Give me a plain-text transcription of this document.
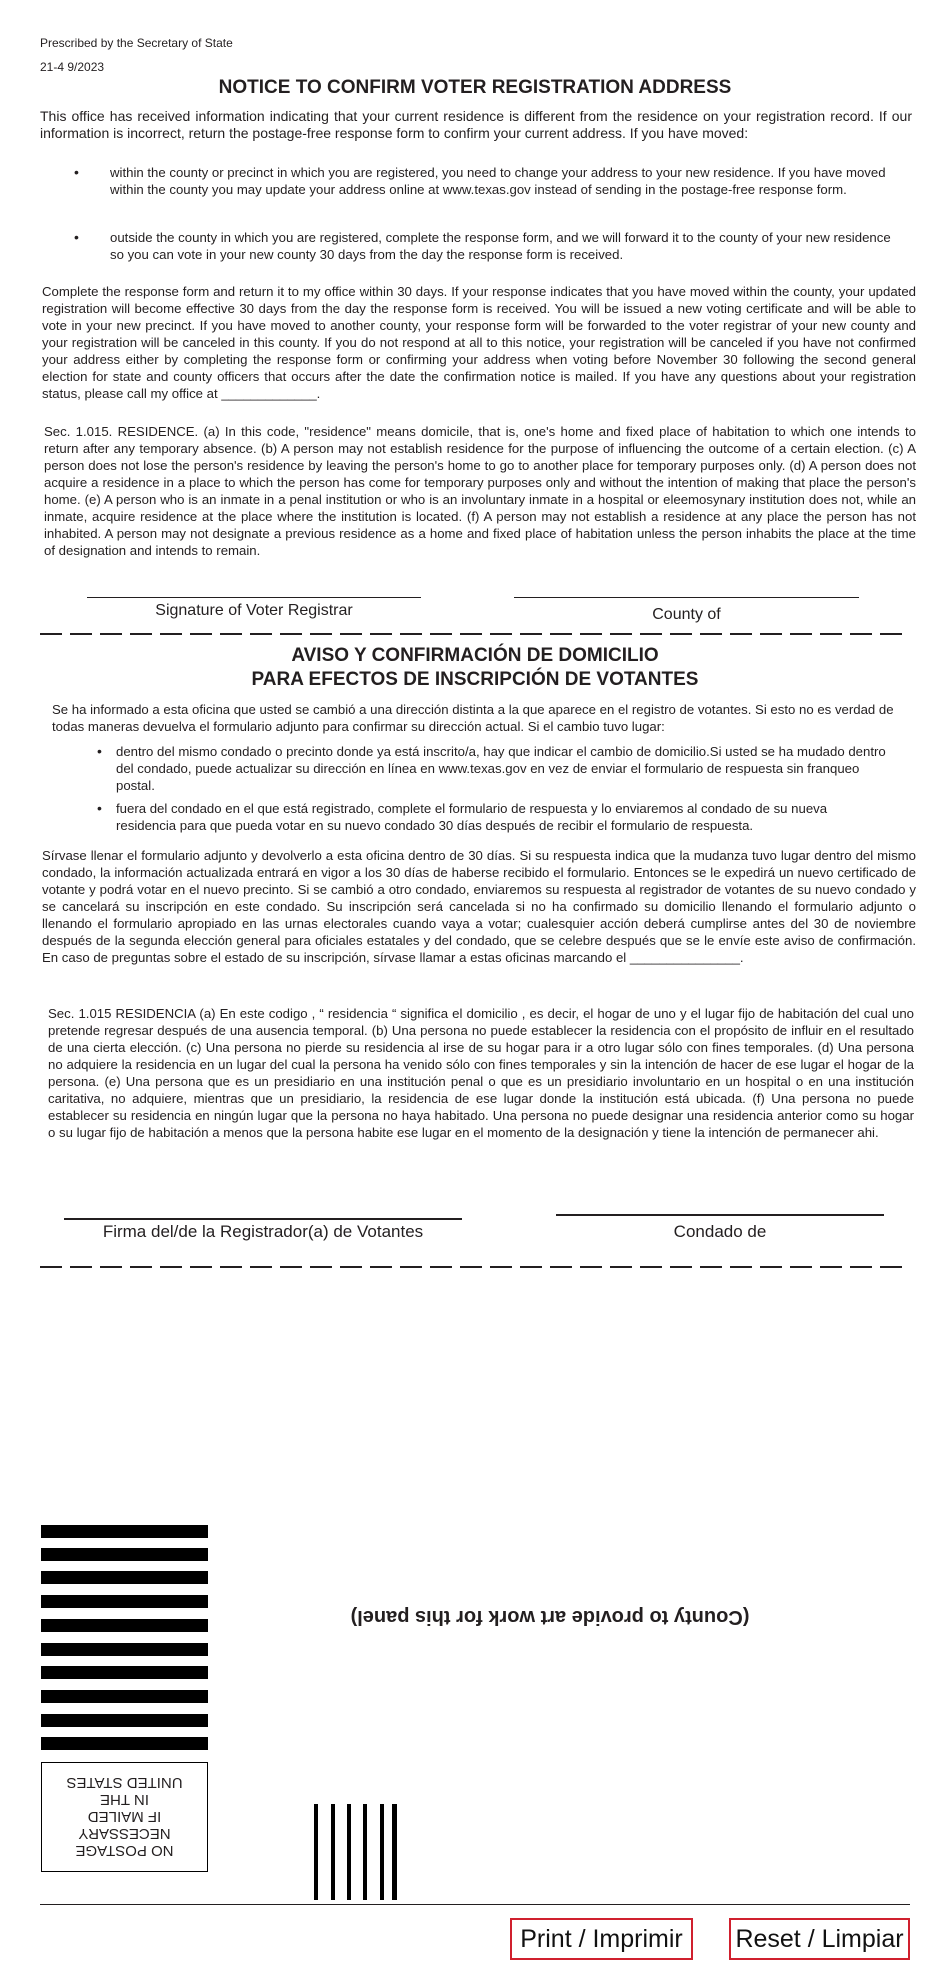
Prescribed by the Secretary of State
21-4 9/2023
NOTICE TO CONFIRM VOTER REGISTRATION ADDRESS
This office has received information indicating that your current residence is different from the residence on your registration record. If our information is incorrect, return the postage-free response form to confirm your current address. If you have moved:
• within the county or precinct in which you are registered, you need to change your address to your new residence. If you have moved within the county you may update your address online at www.texas.gov instead of sending in the postage-free response form.
• outside the county in which you are registered, complete the response form, and we will forward it to the county of your new residence so you can vote in your new county 30 days from the day the response form is received.
Complete the response form and return it to my office within 30 days. If your response indicates that you have moved within the county, your updated registration will become effective 30 days from the day the response form is received. You will be issued a new voting certificate and will be able to vote in your new precinct. If you have moved to another county, your response form will be forwarded to the voter registrar of your new county and your registration will be canceled in this county. If you do not respond at all to this notice, your registration will be canceled if you have not confirmed your address either by completing the response form or confirming your address when voting before November 30 following the second general election for state and county officers that occurs after the date the confirmation notice is mailed. If you have any questions about your registration status, please call my office at _____________.
Sec. 1.015. RESIDENCE. (a) In this code, "residence" means domicile, that is, one's home and fixed place of habitation to which one intends to return after any temporary absence. (b) A person may not establish residence for the purpose of influencing the outcome of a certain election. (c) A person does not lose the person's residence by leaving the person's home to go to another place for temporary purposes only. (d) A person does not acquire a residence in a place to which the person has come for temporary purposes only and without the intention of making that place the person's home. (e) A person who is an inmate in a penal institution or who is an involuntary inmate in a hospital or eleemosynary institution does not, while an inmate, acquire residence at the place where the institution is located. (f) A person may not establish a residence at any place the person has not inhabited. A person may not designate a previous residence as a home and fixed place of habitation unless the person inhabits the place at the time of designation and intends to remain.
Signature of Voter Registrar	County of
AVISO Y CONFIRMACIÓN DE DOMICILIO
PARA EFECTOS DE INSCRIPCIÓN DE VOTANTES
Se ha informado a esta oficina que usted se cambió a una dirección distinta a la que aparece en el registro de votantes. Si esto no es verdad de todas maneras devuelva el formulario adjunto para confirmar su dirección actual. Si el cambio tuvo lugar:
• dentro del mismo condado o precinto donde ya está inscrito/a, hay que indicar el cambio de domicilio.Si usted se ha mudado dentro del condado, puede actualizar su dirección en línea en www.texas.gov en vez de enviar el formulario de respuesta sin franqueo postal.
• fuera del condado en el que está registrado, complete el formulario de respuesta y lo enviaremos al condado de su nueva residencia para que pueda votar en su nuevo condado 30 días después de recibir el formulario de respuesta.
Sírvase llenar el formulario adjunto y devolverlo a esta oficina dentro de 30 días. Si su respuesta indica que la mudanza tuvo lugar dentro del mismo condado, la información actualizada entrará en vigor a los 30 días de haberse recibido el formulario. Entonces se le expedirá un nuevo certificado de votante y podrá votar en el nuevo precinto. Si se cambió a otro condado, enviaremos su respuesta al registrador de votantes de su nuevo condado y se cancelará su inscripción en este condado. Su inscripción será cancelada si no ha confirmado su domicilio llenando el formulario adjunto o llenando el formulario apropiado en las urnas electorales cuando vaya a votar; cualesquier acción deberá cumplirse antes del 30 de noviembre después de la segunda elección general para oficiales estatales y del condado, que se celebre después que se le envíe este aviso de confirmación. En caso de preguntas sobre el estado de su inscripción, sírvase llamar a estas oficinas marcando el _______________.
Sec. 1.015 RESIDENCIA (a) En este codigo , “ residencia “ significa el domicilio , es decir, el hogar de uno y el lugar fijo de habitación del cual uno pretende regresar después de una ausencia temporal. (b) Una persona no puede establecer la residencia con el propósito de influir en el resultado de una cierta elección. (c) Una persona no pierde su residencia al irse de su hogar para ir a otro lugar sólo con fines temporales. (d) Una persona no adquiere la residencia en un lugar del cual la persona ha venido sólo con fines temporales y sin la intención de hacer de ese lugar el hogar de la persona. (e) Una persona que es un presidiario en una institución penal o que es un presidiario involuntario en un hospital o en una institución caritativa, no adquiere, mientras que un presidiario, la residencia de ese lugar donde la institución está ubicada. (f) Una persona no puede establecer su residencia en ningún lugar que la persona no haya habitado. Una persona no puede designar una residencia anterior como su hogar o su lugar fijo de habitación a menos que la persona habite ese lugar en el momento de la designación y tiene la intención de permanecer ahi.
Firma del/de la Registrador(a) de Votantes	Condado de
NO POSTAGE
NECESSARY
IF MAILED
IN THE
UNITED STATES
(County to provide art work for this panel)
Print / Imprimir	Reset / Limpiar
